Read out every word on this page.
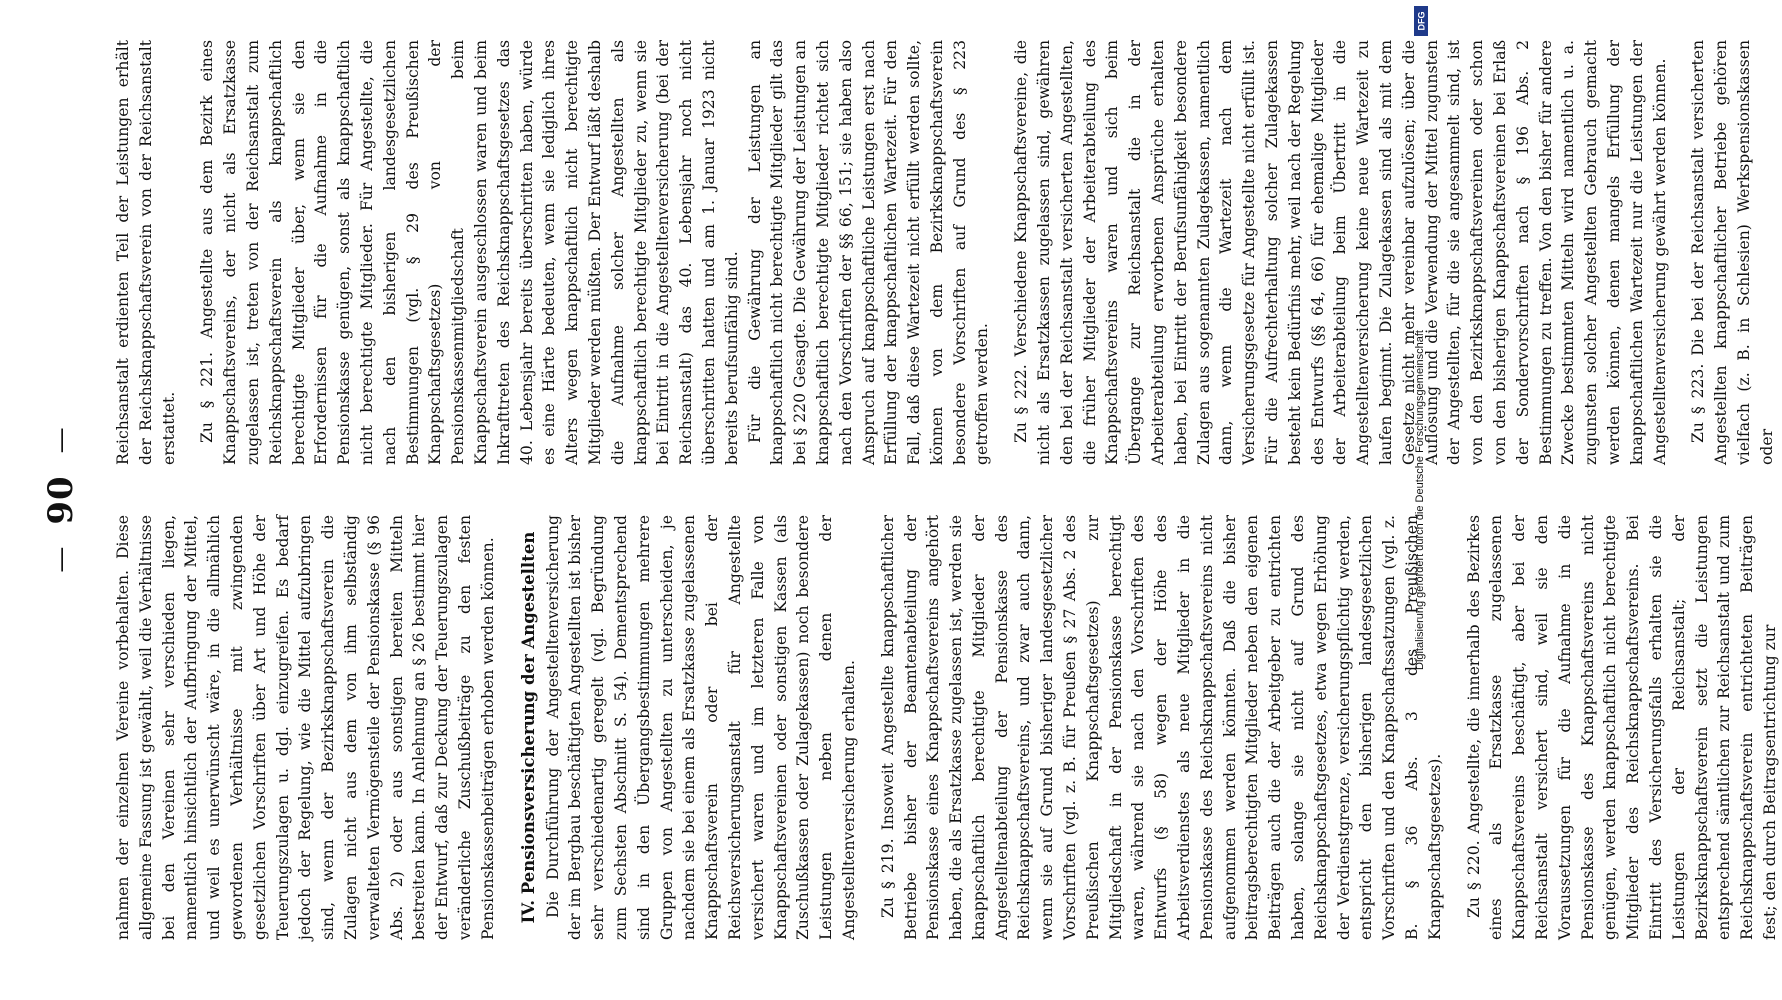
—
90
—

nahmen der einzelnen Vereine vorbehalten. Diese allgemeine Fassung ist gewählt, weil die Verhältnisse bei den Vereinen sehr verschieden liegen, namentlich hinsichtlich der Aufbringung der Mittel, und weil es unerwünscht wäre, in die allmählich gewordenen Verhältnisse mit zwingenden gesetzlichen Vorschriften über Art und Höhe der Teuerungszulagen u. dgl. einzugreifen. Es bedarf jedoch der Regelung, wie die Mittel aufzubringen sind, wenn der Bezirksknappschaftsverein die Zulagen nicht aus dem von ihm selbständig verwalteten Vermögensteile der Pensionskasse (§ 96 Abs. 2) oder aus sonstigen bereiten Mitteln bestreiten kann. In Anlehnung an § 26 bestimmt hier der Entwurf, daß zur Deckung der Teuerungszulagen veränderliche Zuschußbeiträge zu den festen Pensionskassenbeiträgen erhoben werden können. IV. Pensionsversicherung der Angestellten Die Durchführung der Angestelltenversicherung der im Bergbau beschäftigten Angestellten ist bisher sehr verschiedenartig geregelt (vgl. Begründung zum Sechsten Abschnitt S. 54). Dementsprechend sind in den Übergangsbestimmungen mehrere Gruppen von Angestellten zu unterscheiden, je nachdem sie bei einem als Ersatzkasse zugelassenen Knappschaftsverein oder bei der Reichsversicherungsanstalt für Angestellte versichert waren und im letzteren Falle von Knappschaftsvereinen oder sonstigen Kassen (als Zuschußkassen oder Zulagekassen) noch besondere Leistungen neben denen der Angestelltenversicherung erhalten. Zu § 219. Insoweit Angestellte knappschaftlicher Betriebe bisher der Beamtenabteilung der Pensionskasse eines Knappschaftsvereins angehört haben, die als Ersatzkasse zugelassen ist, werden sie knappschaftlich berechtigte Mitglieder der Angestelltenabteilung der Pensionskasse des Reichsknappschaftsvereins, und zwar auch dann, wenn sie auf Grund bisheriger landesgesetzlicher Vorschriften (vgl. z. B. für Preußen § 27 Abs. 2 des Preußischen Knappschaftsgesetzes) zur Mitgliedschaft in der Pensionskasse berechtigt waren, während sie nach den Vorschriften des Entwurfs (§ 58) wegen der Höhe des Arbeitsverdienstes als neue Mitglieder in die Pensionskasse des Reichsknappschaftsvereins nicht aufgenommen werden könnten. Daß die bisher beitragsberechtigten Mitglieder neben den eigenen Beiträgen auch die der Arbeitgeber zu entrichten haben, solange sie nicht auf Grund des Reichsknappschaftsgesetzes, etwa wegen Erhöhung der Verdienstgrenze, versicherungspflichtig werden, entspricht den bisherigen landesgesetzlichen Vorschriften und den Knappschaftssatzungen (vgl. z. B. § 36 Abs. 3 des Preußischen Knappschaftsgesetzes). Zu § 220. Angestellte, die innerhalb des Bezirkes eines als Ersatzkasse zugelassenen Knappschaftsvereins beschäftigt, aber bei der Reichsanstalt versichert sind, weil sie den Voraussetzungen für die Aufnahme in die Pensionskasse des Knappschaftsvereins nicht genügen, werden knappschaftlich nicht berechtigte Mitglieder des Reichsknappschaftsvereins. Bei Eintritt des Versicherungsfalls erhalten sie die Leistungen der Reichsanstalt; der Bezirksknappschaftsverein setzt die Leistungen entsprechend sämtlichen zur Reichsanstalt und zum Reichsknappschaftsverein entrichteten Beiträgen fest; den durch Beitragsentrichtung zur

Reichsanstalt erdienten Teil der Leistungen erhält der Reichsknappschaftsverein von der Reichsanstalt erstattet. Zu § 221. Angestellte aus dem Bezirk eines Knappschaftsvereins, der nicht als Ersatzkasse zugelassen ist, treten von der Reichsanstalt zum Reichsknappschaftsverein als knappschaftlich berechtigte Mitglieder über, wenn sie den Erfordernissen für die Aufnahme in die Pensionskasse genügen, sonst als knappschaftlich nicht berechtigte Mitglieder. Für Angestellte, die nach den bisherigen landesgesetzlichen Bestimmungen (vgl. § 29 des Preußischen Knappschaftsgesetzes) von der Pensionskassenmitgliedschaft beim Knappschaftsverein ausgeschlossen waren und beim Inkrafttreten des Reichsknappschaftsgesetzes das 40. Lebensjahr bereits überschritten haben, würde es eine Härte bedeuten, wenn sie lediglich ihres Alters wegen knappschaftlich nicht berechtigte Mitglieder werden müßten. Der Entwurf läßt deshalb die Aufnahme solcher Angestellten als knappschaftlich berechtigte Mitglieder zu, wenn sie bei Eintritt in die Angestelltenversicherung (bei der Reichsanstalt) das 40. Lebensjahr noch nicht überschritten hatten und am 1. Januar 1923 nicht bereits berufsunfähig sind. Für die Gewährung der Leistungen an knappschaftlich nicht berechtigte Mitglieder gilt das bei § 220 Gesagte. Die Gewährung der Leistungen an knappschaftlich berechtigte Mitglieder richtet sich nach den Vorschriften der §§ 66, 151; sie haben also Anspruch auf knappschaftliche Leistungen erst nach Erfüllung der knappschaftlichen Wartezeit. Für den Fall, daß diese Wartezeit nicht erfüllt werden sollte, können von dem Bezirksknappschaftsverein besondere Vorschriften auf Grund des § 223 getroffen werden. Zu § 222. Verschiedene Knappschaftsvereine, die nicht als Ersatzkassen zugelassen sind, gewähren den bei der Reichsanstalt versicherten Angestellten, die früher Mitglieder der Arbeiterabteilung des Knappschaftsvereins waren und sich beim Übergange zur Reichsanstalt die in der Arbeiterabteilung erworbenen Ansprüche erhalten haben, bei Eintritt der Berufsunfähigkeit besondere Zulagen aus sogenannten Zulagekassen, namentlich dann, wenn die Wartezeit nach dem Versicherungsgesetze für Angestellte nicht erfüllt ist. Für die Aufrechterhaltung solcher Zulagekassen besteht kein Bedürfnis mehr, weil nach der Regelung des Entwurfs (§§ 64, 66) für ehemalige Mitglieder der Arbeiterabteilung beim Übertritt in die Angestelltenversicherung keine neue Wartezeit zu laufen beginnt. Die Zulagekassen sind als mit dem Gesetze nicht mehr vereinbar aufzulösen; über die Auflösung und die Verwendung der Mittel zugunsten der Angestellten, für die sie angesammelt sind, ist von den Bezirksknappschaftsvereinen oder schon von den bisherigen Knappschaftsvereinen bei Erlaß der Sondervorschriften nach § 196 Abs. 2 Bestimmungen zu treffen. Von den bisher für andere Zwecke bestimmten Mitteln wird namentlich u. a. zugunsten solcher Angestellten Gebrauch gemacht werden können, denen mangels Erfüllung der knappschaftlichen Wartezeit nur die Leistungen der Angestelltenversicherung gewährt werden können. Zu § 223. Die bei der Reichsanstalt versicherten Angestellten knappschaftlicher Betriebe gehören vielfach (z. B. in Schlesien) Werkspensionskassen oder

Digitalisierung gefördert durch die Deutsche Forschungsgemeinschaft
DFG
